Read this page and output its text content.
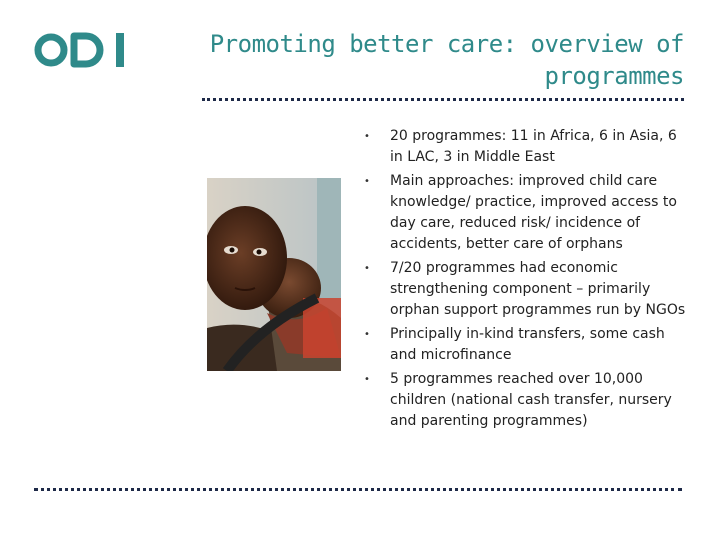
Promoting better care: overview of programmes
• 20 programmes: 11 in Africa, 6 in Asia, 6 in LAC, 3 in Middle East
• Main approaches: improved child care knowledge/ practice, improved access to day care, reduced risk/ incidence of accidents, better care of orphans
• 7/20 programmes had economic strengthening component – primarily orphan support programmes run by NGOs
• Principally in-kind transfers, some cash and microfinance
• 5 programmes reached over 10,000 children (national cash transfer, nursery and parenting programmes)
